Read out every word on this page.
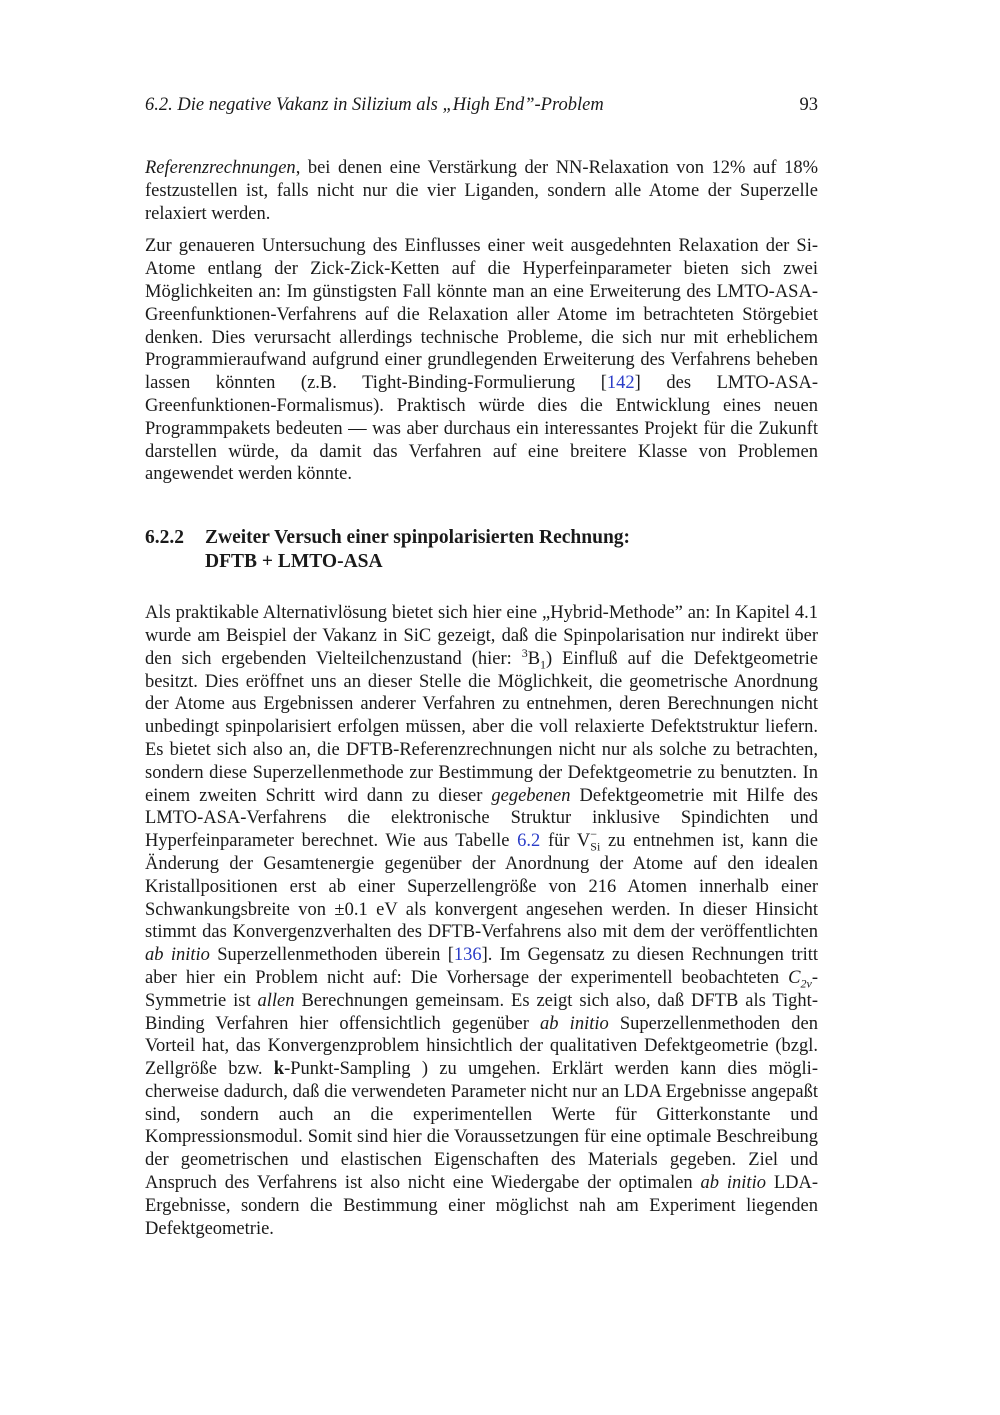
6.2. Die negative Vakanz in Silizium als „High End”-Problem	93

Referenzrechnungen, bei denen eine Verstärkung der NN-Relaxation von 12% auf 18% festzustellen ist, falls nicht nur die vier Liganden, sondern alle Atome der Superzelle relaxiert werden.

Zur genaueren Untersuchung des Einflusses einer weit ausgedehnten Relaxation der Si-Atome entlang der Zick-Zick-Ketten auf die Hyperfeinparameter bieten sich zwei Möglichkeiten an: Im günstigsten Fall könnte man an eine Erweiterung des LMTO-ASA-Greenfunktionen-Verfahrens auf die Relaxation aller Atome im betrachteten Störgebiet denken. Dies verursacht allerdings technische Probleme, die sich nur mit erheblichem Programmieraufwand aufgrund einer grundlegenden Erweiterung des Verfahrens beheben lassen könnten (z.B. Tight-Binding-Formulierung [142] des LMTO-ASA-Greenfunktionen-Formalismus). Praktisch würde dies die Entwicklung eines neuen Programmpakets bedeuten — was aber durchaus ein interessantes Projekt für die Zukunft darstellen würde, da damit das Verfahren auf eine breitere Klasse von Problemen angewendet werden könnte.

6.2.2	Zweiter Versuch einer spinpolarisierten Rechnung:
DFTB + LMTO-ASA

Als praktikable Alternativlösung bietet sich hier eine „Hybrid-Methode” an: In Kapitel 4.1 wurde am Beispiel der Vakanz in SiC gezeigt, daß die Spinpolarisation nur indirekt über den sich ergebenden Vielteilchenzustand (hier: $^3B_1$) Einfluß auf die Defektgeometrie besitzt. Dies eröffnet uns an dieser Stelle die Möglichkeit, die geometrische Anordnung der Atome aus Ergebnissen anderer Verfahren zu entnehmen, deren Berechnungen nicht unbedingt spinpolarisiert erfolgen müssen, aber die voll relaxierte Defektstruktur liefern. Es bietet sich also an, die DFTB-Referenzrechnungen nicht nur als solche zu betrachten, sondern diese Superzellenmethode zur Bestimmung der Defektgeometrie zu benutzten. In einem zweiten Schritt wird dann zu dieser gegebenen Defektgeometrie mit Hilfe des LMTO-ASA-Verfahrens die elektronische Struktur inklusive Spindichten und Hyperfeinparameter berechnet. Wie aus Tabelle 6.2 für V −
$_{Si}$ zu entnehmen ist, kann die Änderung der Gesamtenergie gegenüber der Anordnung der Atome auf den idealen Kristallpositionen erst ab einer Superzellengröße von 216 Atomen innerhalb einer Schwankungsbreite von ±0.1 eV als konvergent angesehen werden. In dieser Hinsicht stimmt das Konvergenzverhalten des DFTB-Verfahrens also mit dem der veröffentlichten ab initio Superzellenmethoden überein [136]. Im Gegensatz zu diesen Rechnungen tritt aber hier ein Problem nicht auf: Die Vorhersage der experimentell beobachteten $C_{2v}$-Symmetrie ist allen Berechnungen gemeinsam. Es zeigt sich also, daß DFTB als Tight-Binding Verfahren hier offensichtlich gegenüber ab initio Superzellenmethoden den Vorteil hat, das Konvergenzproblem hinsichtlich der qualitativen Defektgeometrie (bzgl. Zellgröße bzw. k-Punkt-Sampling ) zu umgehen. Erklärt werden kann dies möglicherweise dadurch, daß die verwendeten Parameter nicht nur an LDA Ergebnisse angepaßt sind, sondern auch an die experimentellen Werte für Gitterkonstante und Kompressionsmodul. Somit sind hier die Voraussetzungen für eine optimale Beschreibung der geometrischen und elastischen Eigenschaften des Materials gegeben. Ziel und Anspruch des Verfahrens ist also nicht eine Wiedergabe der optimalen ab initio LDA-Ergebnisse, sondern die Bestimmung einer möglichst nah am Experiment liegenden Defektgeometrie.
